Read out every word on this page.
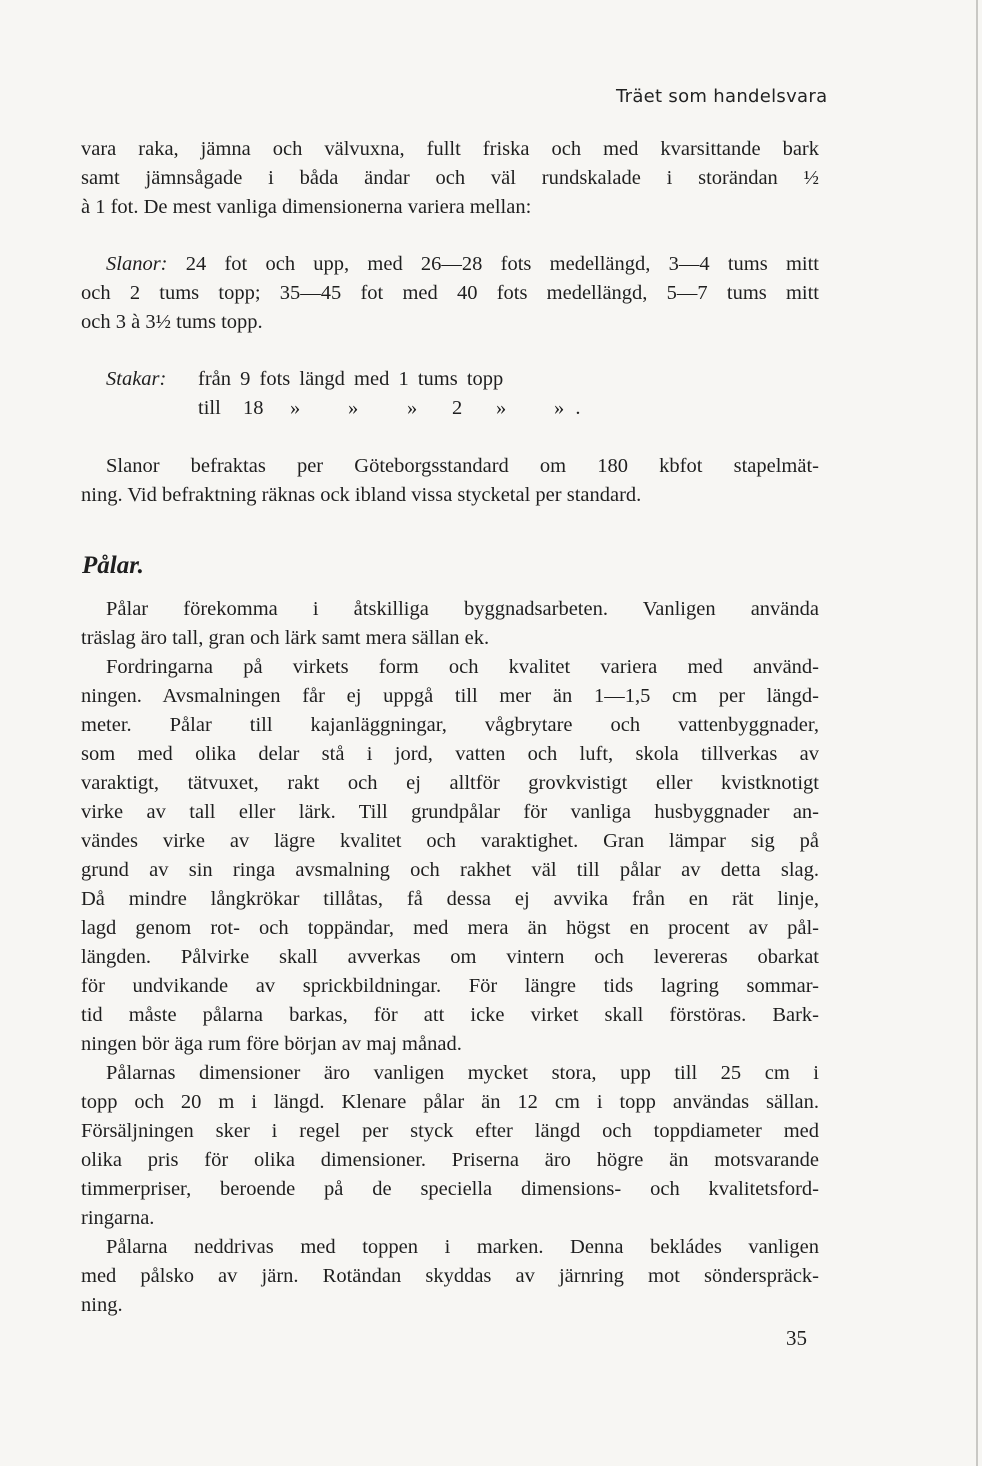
Träet som handelsvara
vara raka, jämna och välvuxna, fullt friska och med kvarsittande bark
samt jämnsågade i båda ändar och väl rundskalade i storändan ½
à 1 fot. De mest vanliga dimensionerna variera mellan:
Slanor: 24 fot och upp, med 26—28 fots medellängd, 3—4 tums mitt
och 2 tums topp; 35—45 fot med 40 fots medellängd, 5—7 tums mitt
och 3 à 3½ tums topp.
Stakar: från 9 fots längd med 1 tums topp
till 18 » » » 2 » » .
Slanor befraktas per Göteborgsstandard om 180 kbfot stapelmät-
ning. Vid befraktning räknas ock ibland vissa stycketal per standard.
Pålar.
Pålar förekomma i åtskilliga byggnadsarbeten. Vanligen använda
träslag äro tall, gran och lärk samt mera sällan ek.
Fordringarna på virkets form och kvalitet variera med använd-
ningen. Avsmalningen får ej uppgå till mer än 1—1,5 cm per längd-
meter. Pålar till kajanläggningar, vågbrytare och vattenbyggnader,
som med olika delar stå i jord, vatten och luft, skola tillverkas av
varaktigt, tätvuxet, rakt och ej alltför grovkvistigt eller kvistknotigt
virke av tall eller lärk. Till grundpålar för vanliga husbyggnader an-
vändes virke av lägre kvalitet och varaktighet. Gran lämpar sig på
grund av sin ringa avsmalning och rakhet väl till pålar av detta slag.
Då mindre långkrökar tillåtas, få dessa ej avvika från en rät linje,
lagd genom rot- och toppändar, med mera än högst en procent av pål-
längden. Pålvirke skall avverkas om vintern och levereras obarkat
för undvikande av sprickbildningar. För längre tids lagring sommar-
tid måste pålarna barkas, för att icke virket skall förstöras. Bark-
ningen bör äga rum före början av maj månad.
Pålarnas dimensioner äro vanligen mycket stora, upp till 25 cm i
topp och 20 m i längd. Klenare pålar än 12 cm i topp användas sällan.
Försäljningen sker i regel per styck efter längd och toppdiameter med
olika pris för olika dimensioner. Priserna äro högre än motsvarande
timmerpriser, beroende på de speciella dimensions- och kvalitetsford-
ringarna.
Pålarna neddrivas med toppen i marken. Denna bekládes vanligen
med pålsko av järn. Rotändan skyddas av järnring mot sönderspräck-
ning.
35
